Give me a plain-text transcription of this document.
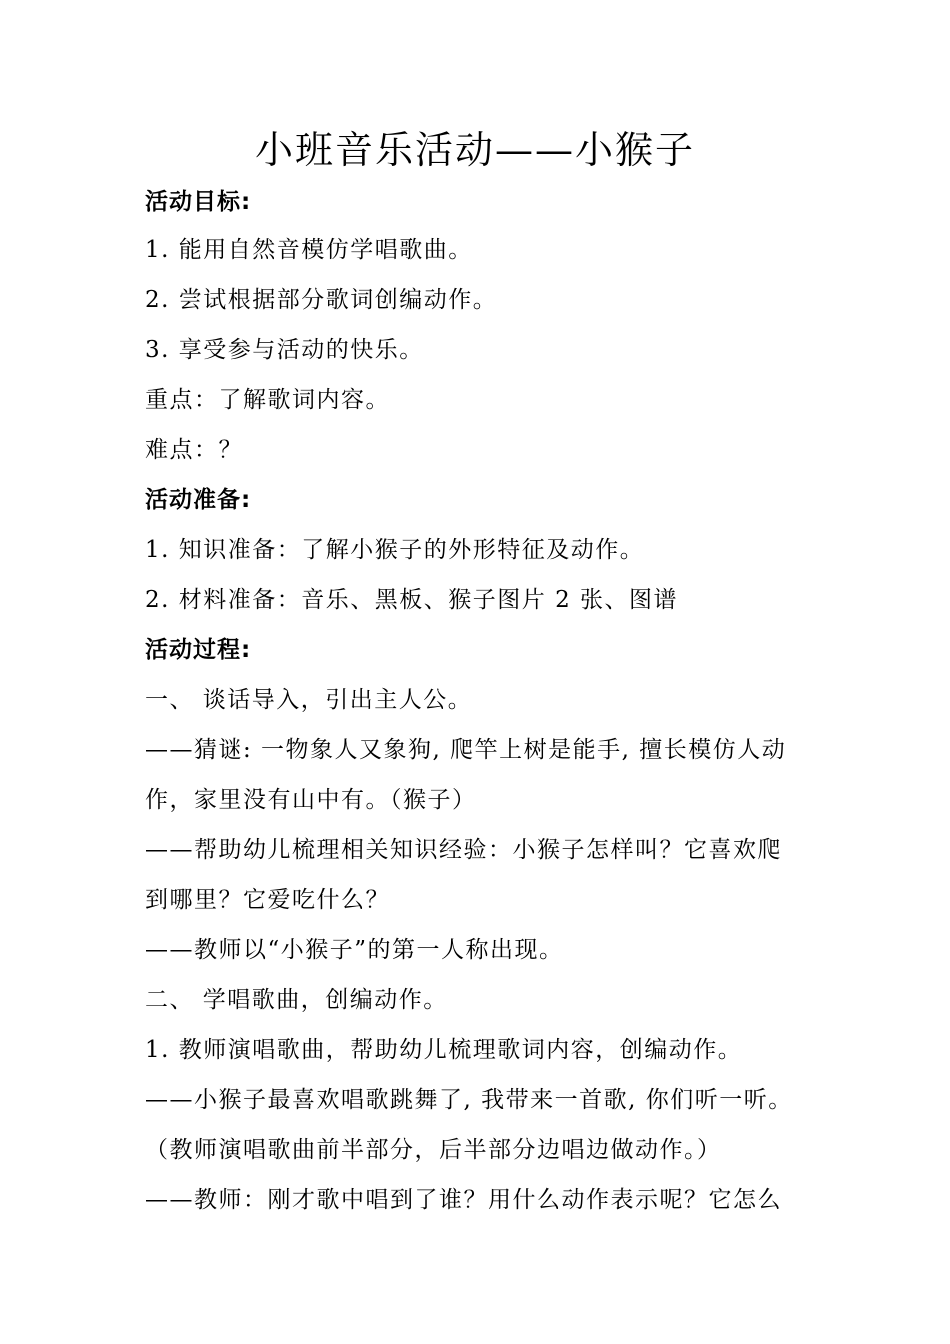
小班音乐活动——小猴子
活动目标:
1. 能用自然音模仿学唱歌曲。
2. 尝试根据部分歌词创编动作。
3. 享受参与活动的快乐。
重点：了解歌词内容。
难点：？
活动准备:
1. 知识准备：了解小猴子的外形特征及动作。
2. 材料准备：音乐、黑板、猴子图片 2 张、图谱
活动过程:
一、 谈话导入，引出主人公。
——猜谜: 一物象人又象狗, 爬竿上树是能手, 擅长模仿人动
作，家里没有山中有。（猴子）
——帮助幼儿梳理相关知识经验：小猴子怎样叫？它喜欢爬
到哪里？它爱吃什么？
——教师以“小猴子”的第一人称出现。
二、 学唱歌曲，创编动作。
1. 教师演唱歌曲，帮助幼儿梳理歌词内容，创编动作。
——小猴子最喜欢唱歌跳舞了, 我带来一首歌, 你们听一听。
（教师演唱歌曲前半部分，后半部分边唱边做动作。）
——教师：刚才歌中唱到了谁？用什么动作表示呢？它怎么
